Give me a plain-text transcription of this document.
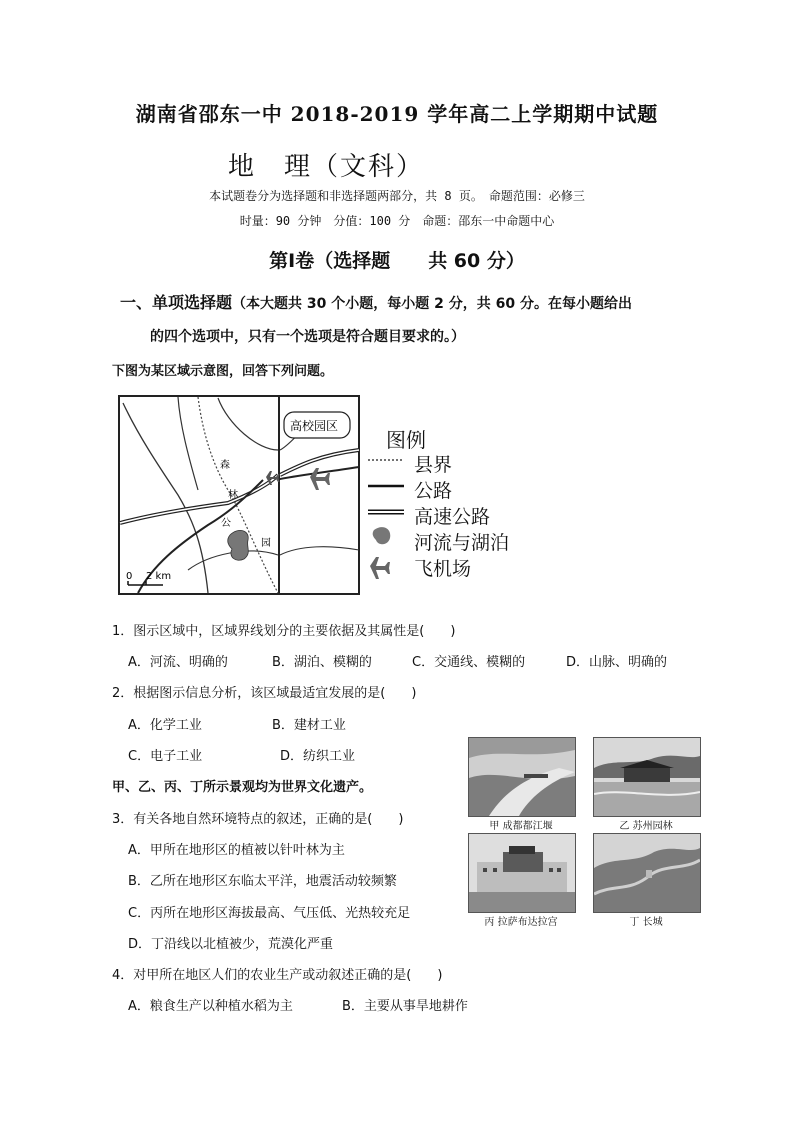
湖南省邵东一中 2018-2019 学年高二上学期期中试题
地　理（文科）
本试题卷分为选择题和非选择题两部分，共 8 页。　命题范围：必修三
时量：90 分钟　分值：100 分　命题：邵东一中命题中心
第Ⅰ卷（选择题　　共 60 分）
一、单项选择题（本大题共 30 个小题，每小题 2 分，共 60 分。在每小题给出
的四个选项中，只有一个选项是符合题目要求的。）
下图为某区域示意图，回答下列问题。
0 2 km
森
林
公
园
高校园区
图例
县界
公路
高速公路
河流与湖泊
飞机场
1．图示区域中，区域界线划分的主要依据及其属性是(　　)
A．河流、明确的	B．湖泊、模糊的	C．交通线、模糊的	D．山脉、明确的
2．根据图示信息分析，该区域最适宜发展的是(　　)
A．化学工业	B．建材工业
C．电子工业	D．纺织工业
甲、乙、丙、丁所示景观均为世界文化遗产。
3．有关各地自然环境特点的叙述，正确的是(　　)
A．甲所在地形区的植被以针叶林为主
B．乙所在地形区东临太平洋，地震活动较频繁
C．丙所在地形区海拔最高、气压低、光热较充足
D．丁沿线以北植被少，荒漠化严重
4．对甲所在地区人们的农业生产或动叙述正确的是(　　)
A．粮食生产以种植水稻为主	B．主要从事旱地耕作
甲 成都都江堰	乙 苏州园林
丙 拉萨布达拉宫	丁 长城
